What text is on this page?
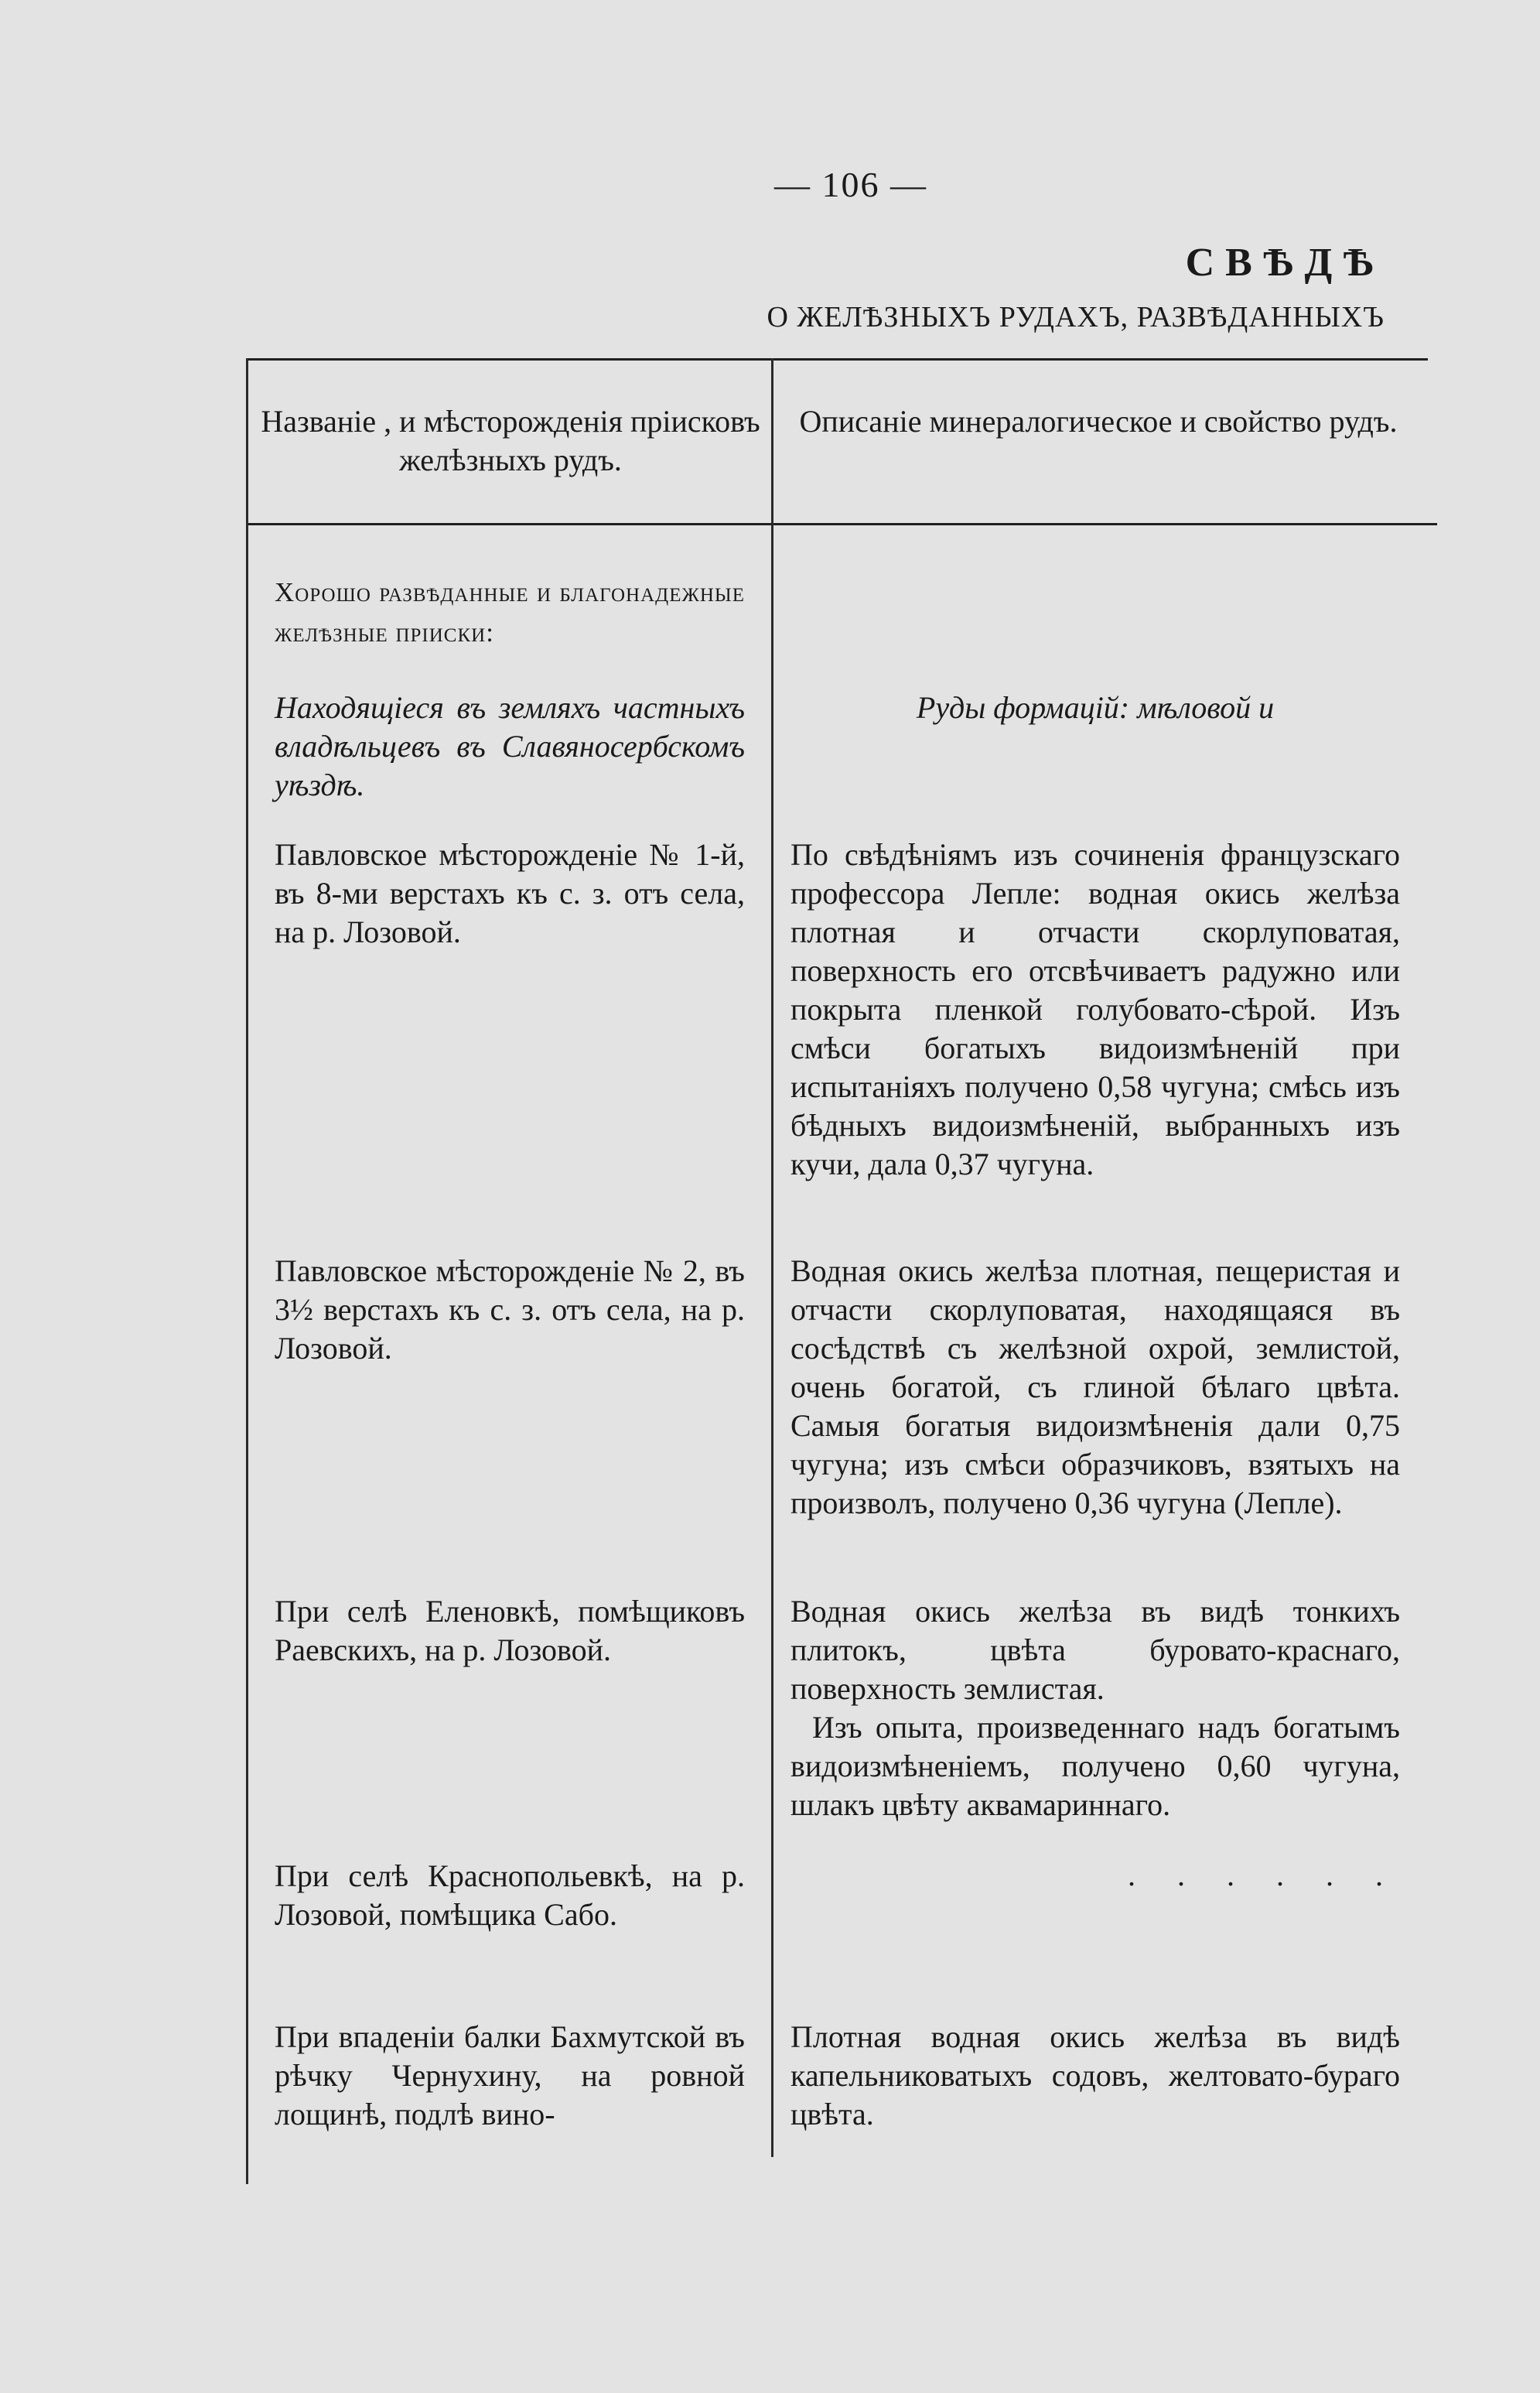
— 106 —
СВѢДѢ
О ЖЕЛѢЗНЫХЪ РУДАХЪ, РАЗВѢДАННЫХЪ
Названіе , и мѣсторожденія пріисковъ желѣзныхъ рудъ.
Описаніе минералогическое и свойство рудъ.
Хорошо развѣданные и благонадежные желѣзные пріиски:
Находящіеся въ земляхъ частныхъ владѣльцевъ въ Славяносербскомъ уѣздѣ.
Руды формацій: мѣловой и
Павловское мѣсторожденіе № 1-й, въ 8-ми верстахъ къ с. з. отъ села, на р. Лозовой.
По свѣдѣніямъ изъ сочиненія французскаго профессора Лепле: водная окись желѣза плотная и отчасти скорлуповатая, поверхность его отсвѣчиваетъ радужно или покрыта пленкой голубовато-сѣрой. Изъ смѣси богатыхъ видоизмѣненій при испытаніяхъ получено 0,58 чугуна; смѣсь изъ бѣдныхъ видоизмѣненій, выбранныхъ изъ кучи, дала 0,37 чугуна.
Павловское мѣсторожденіе № 2, въ 3½ верстахъ къ с. з. отъ села, на р. Лозовой.
Водная окись желѣза плотная, пещеристая и отчасти скорлуповатая, находящаяся въ сосѣдствѣ съ желѣзной охрой, землистой, очень богатой, съ глиной бѣлаго цвѣта. Самыя богатыя видоизмѣненія дали 0,75 чугуна; изъ смѣси образчиковъ, взятыхъ на произволъ, получено 0,36 чугуна (Лепле).
При селѣ Еленовкѣ, помѣщиковъ Раевскихъ, на р. Лозовой.
Водная окись желѣза въ видѣ тонкихъ плитокъ, цвѣта буровато-краснаго, поверхность землистая.
Изъ опыта, произведеннаго надъ богатымъ видоизмѣненіемъ, получено 0,60 чугуна, шлакъ цвѣту аквамариннаго.
При селѣ Краснопольевкѣ, на р. Лозовой, помѣщика Сабо.
. . . . . .
При впаденіи балки Бахмутской въ рѣчку Чернухину, на ровной лощинѣ, подлѣ вино-
Плотная водная окись желѣза въ видѣ капельниковатыхъ содовъ, желтовато-бураго цвѣта.
